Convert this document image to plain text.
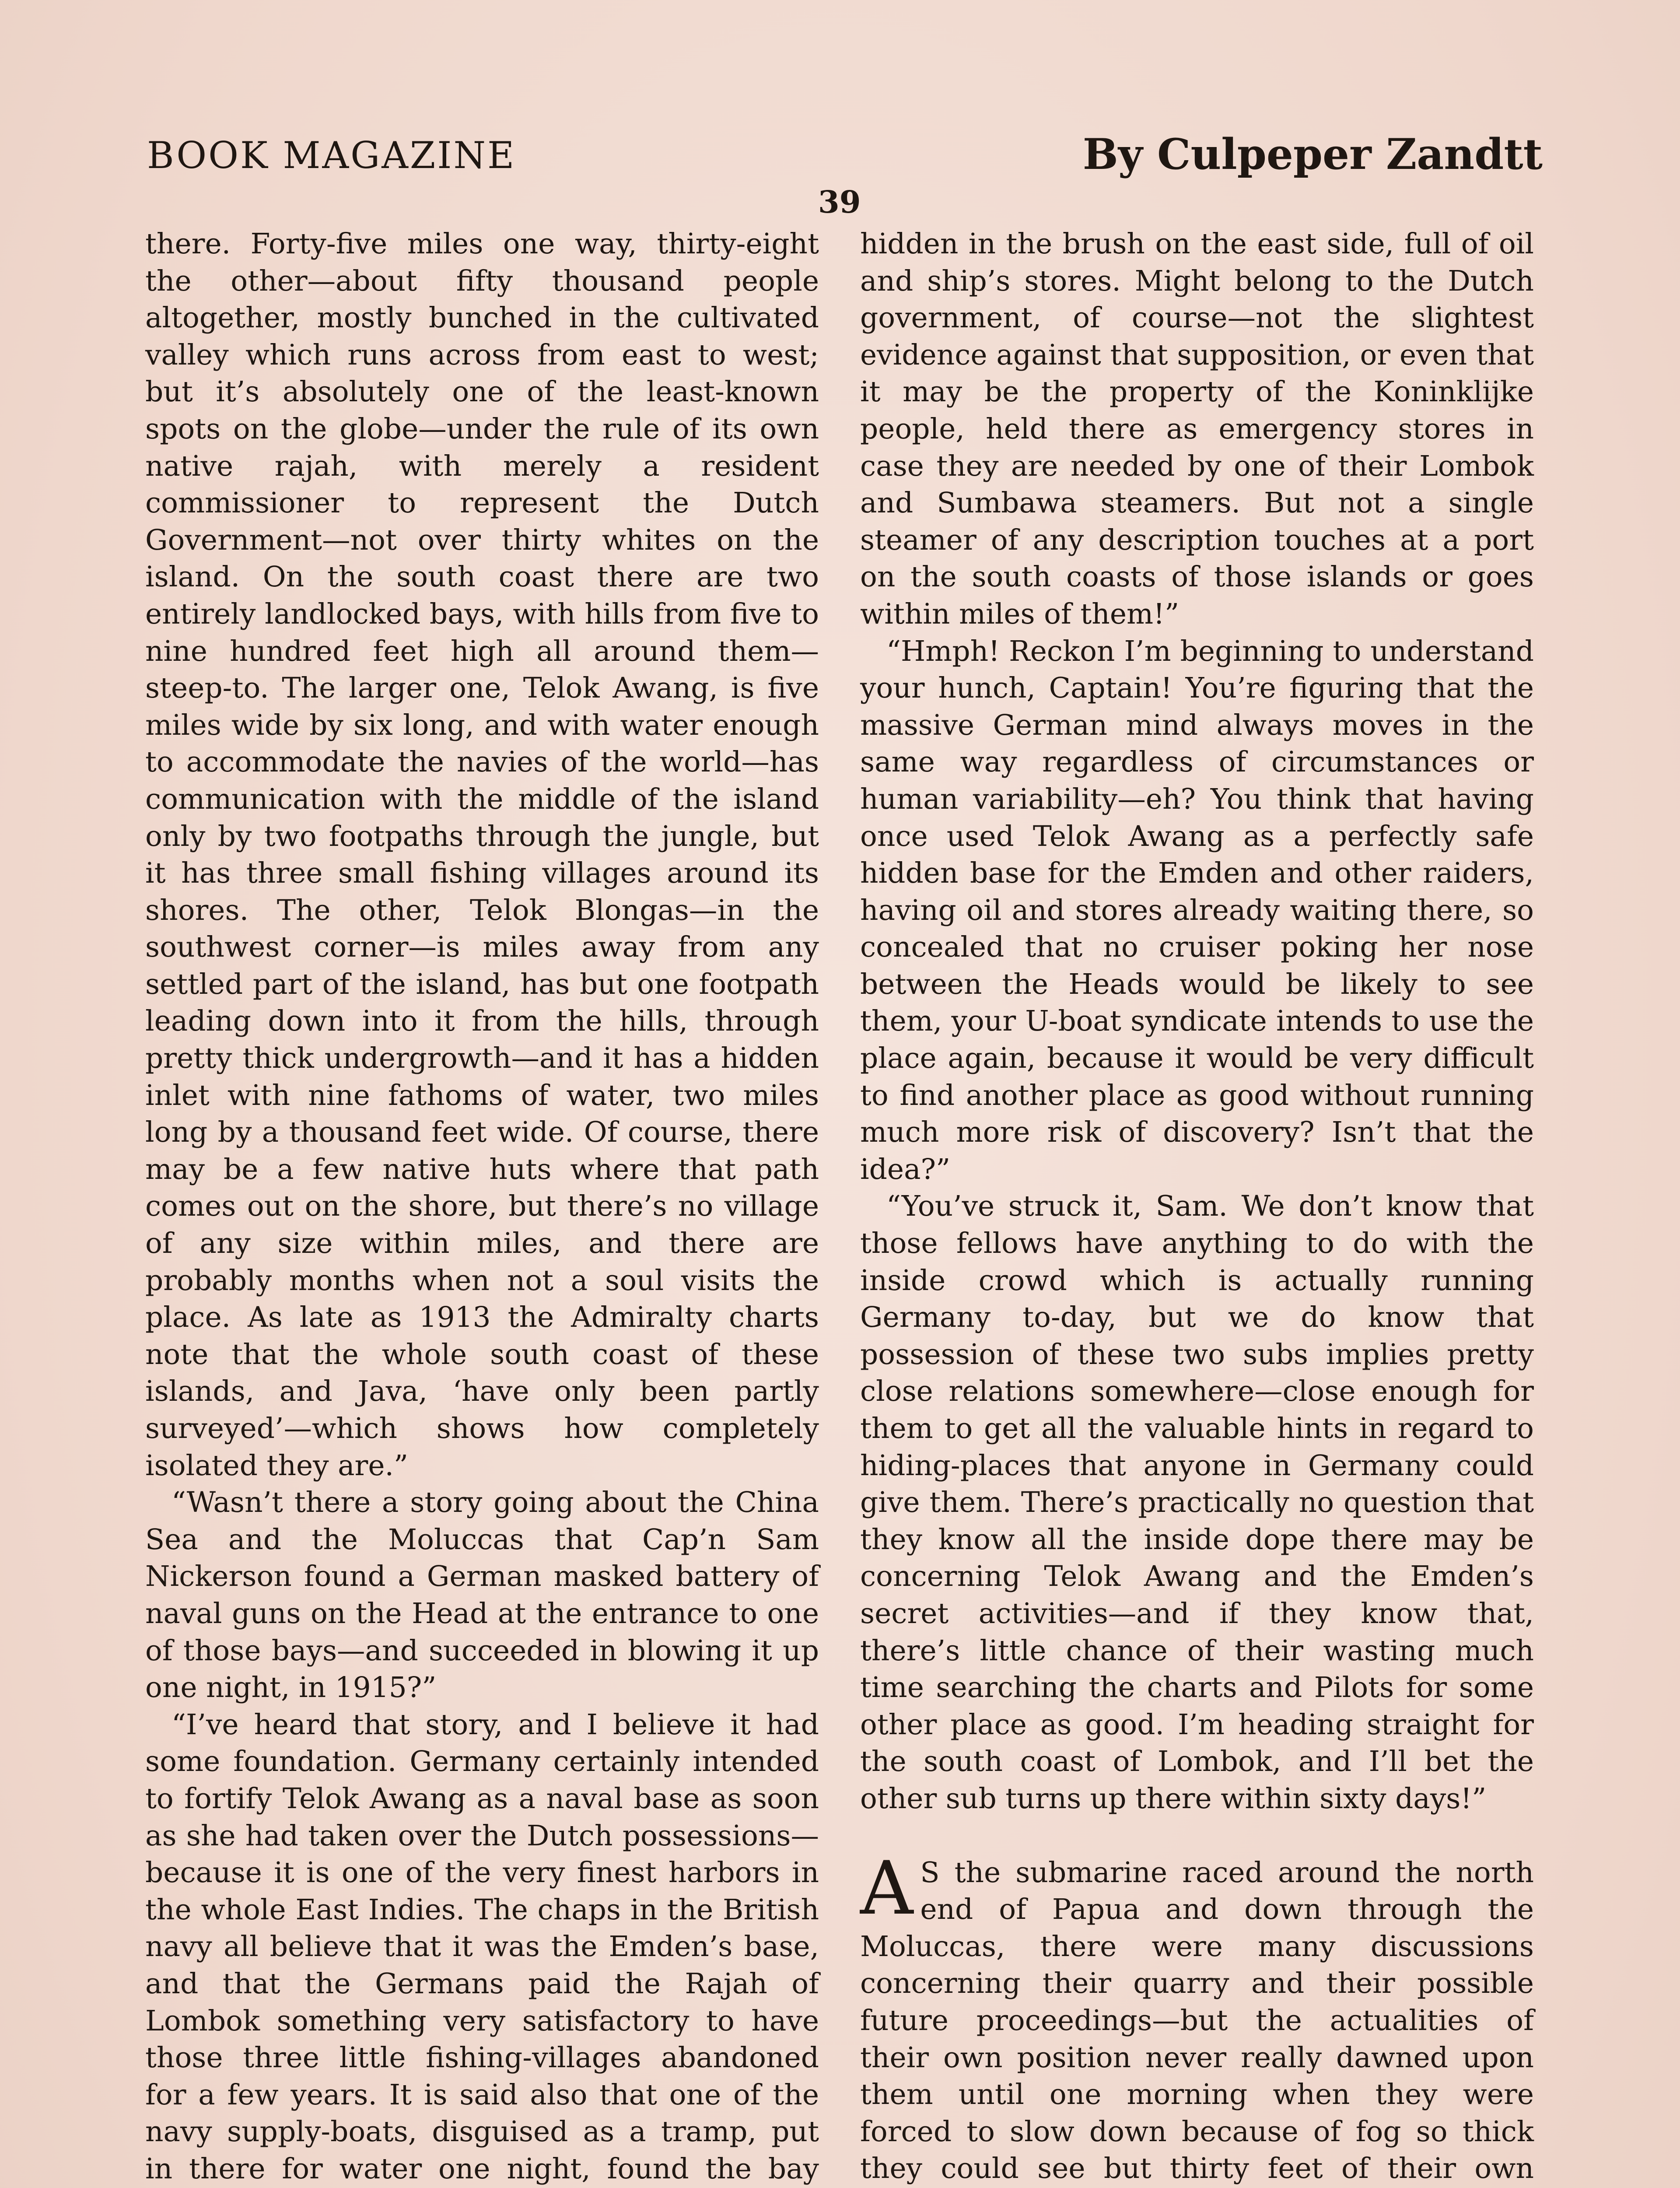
BOOK MAGAZINE	By Culpeper Zandtt
39

there. Forty-five miles one way, thirty-eight the other—about fifty thousand people altogether, mostly bunched in the cultivated valley which runs across from east to west; but it’s absolutely one of the least-known spots on the globe—under the rule of its own native rajah, with merely a resident commissioner to represent the Dutch Government—not over thirty whites on the island. On the south coast there are two entirely landlocked bays, with hills from five to nine hundred feet high all around them—steep-to. The larger one, Telok Awang, is five miles wide by six long, and with water enough to accommodate the navies of the world—has communication with the middle of the island only by two footpaths through the jungle, but it has three small fishing villages around its shores. The other, Telok Blongas—in the southwest corner—is miles away from any settled part of the island, has but one footpath leading down into it from the hills, through pretty thick undergrowth—and it has a hidden inlet with nine fathoms of water, two miles long by a thousand feet wide. Of course, there may be a few native huts where that path comes out on the shore, but there’s no village of any size within miles, and there are probably months when not a soul visits the place. As late as 1913 the Admiralty charts note that the whole south coast of these islands, and Java, ‘have only been partly surveyed’—which shows how completely isolated they are.”

“Wasn’t there a story going about the China Sea and the Moluccas that Cap’n Sam Nickerson found a German masked battery of naval guns on the Head at the entrance to one of those bays—and succeeded in blowing it up one night, in 1915?”

“I’ve heard that story, and I believe it had some foundation. Germany certainly intended to fortify Telok Awang as a naval base as soon as she had taken over the Dutch possessions—because it is one of the very finest harbors in the whole East Indies. The chaps in the British navy all believe that it was the Emden’s base, and that the Germans paid the Rajah of Lombok something very satisfactory to have those three little fishing-villages abandoned for a few years. It is said also that one of the navy supply-boats, disguised as a tramp, put in there for water one night, found the bay

hidden in the brush on the east side, full of oil and ship’s stores. Might belong to the Dutch government, of course—not the slightest evidence against that supposition, or even that it may be the property of the Koninklijke people, held there as emergency stores in case they are needed by one of their Lombok and Sumbawa steamers. But not a single steamer of any description touches at a port on the south coasts of those islands or goes within miles of them!”

“Hmph! Reckon I’m beginning to understand your hunch, Captain! You’re figuring that the massive German mind always moves in the same way regardless of circumstances or human variability—eh? You think that having once used Telok Awang as a perfectly safe hidden base for the Emden and other raiders, having oil and stores already waiting there, so concealed that no cruiser poking her nose between the Heads would be likely to see them, your U-boat syndicate intends to use the place again, because it would be very difficult to find another place as good without running much more risk of discovery? Isn’t that the idea?”

“You’ve struck it, Sam. We don’t know that those fellows have anything to do with the inside crowd which is actually running Germany to-day, but we do know that possession of these two subs implies pretty close relations somewhere—close enough for them to get all the valuable hints in regard to hiding-places that anyone in Germany could give them. There’s practically no question that they know all the inside dope there may be concerning Telok Awang and the Emden’s secret activities—and if they know that, there’s little chance of their wasting much time searching the charts and Pilots for some other place as good. I’m heading straight for the south coast of Lombok, and I’ll bet the other sub turns up there within sixty days!”

A S the submarine raced around the north end of Papua and down through the Moluccas, there were many discussions concerning their quarry and their possible future proceedings—but the actualities of their own position never really dawned upon them until one morning when they were forced to slow down because of fog so thick they could see but thirty feet of their own
